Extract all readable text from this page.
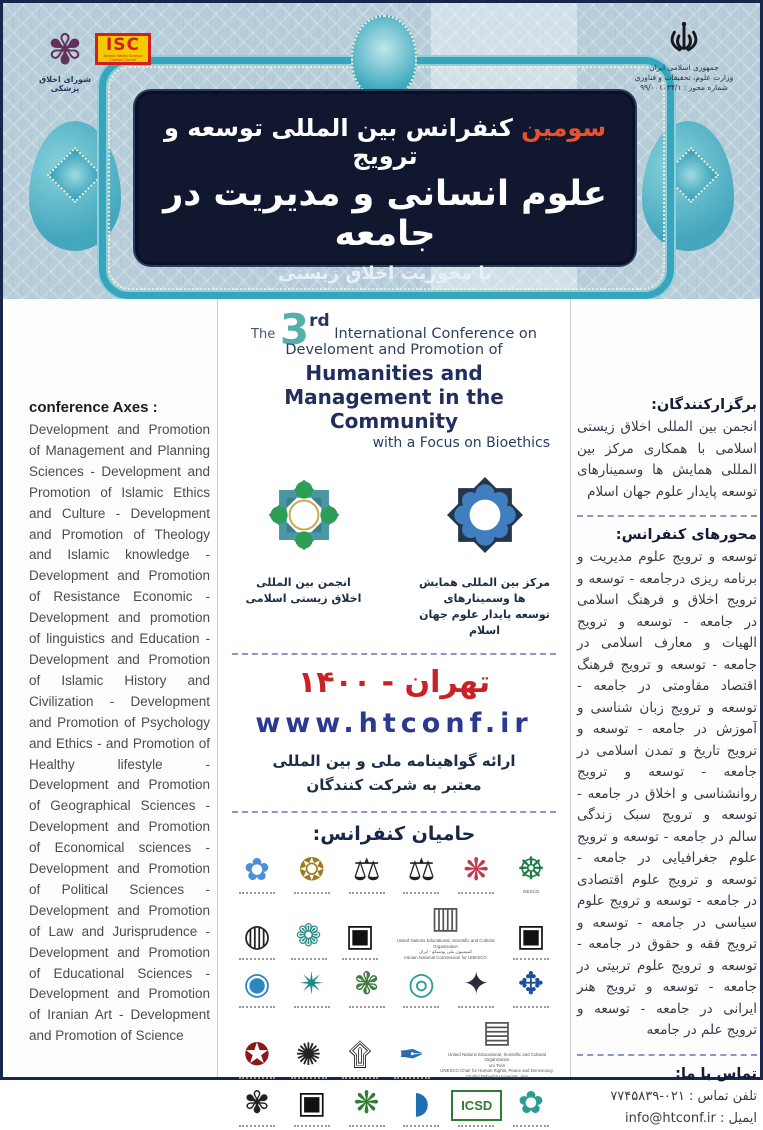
✾
شورای اخلاق پزشکی
ISC
Islamic World Science Citation Center
جمهوری اسلامی ایران
وزارت علوم، تحقیقات و فناوری
شماره مجوز : ۹۹/۰۰۱۰۳۴/۱
سومین کنفرانس بین المللی توسعه و ترویج
علوم انسانی و مدیریت در جامعه
با محوریت اخلاق زیستی
conference Axes :

Development and Promotion of Management and Planning Sciences - Development and Promotion of Islamic Ethics and Culture - Development and Promotion of Theology and Islamic knowledge - Development and Promotion of Resistance Economic - Development and promotion of linguistics and Education - Development and Promotion of Islamic History and Civilization - Development and Promotion of Psychology and Ethics - and Promotion of Healthy lifestyle - Development and Promotion of Geographical Sciences - Development and Promotion of Economical sciences - Development and Promotion of Political Sciences - Development and Promotion of Law and Jurisprudence - Development and Promotion of Educational Sciences - Development and Promotion of Iranian Art - Development and Promotion of Science

The 3rd International Conference on Develoment and Promotion of
Humanities and Management in the Community
with a Focus on Bioethics
انجمن بین المللی
اخلاق زیستی اسلامی
مرکز بین المللی همایش ها وسمینارهای
توسعه پایدار علوم جهان اسلام
تهران - ۱۴۰۰
www.htconf.ir
ارائه گواهینامه ملی و بین المللی معتبر به شرکت کنندگان
حامیان کنفرانس:
✿ ❂ ⚖ ⚖ ❋ ☸
ISESCO
◍ ❁ ▣	▥
United Nations Educational, Scientific and Cultural Organization
کمیسیون ملی یونسکو - ایران
Iranian National Commission for UNESCO
▣
◉ ✴ ❃ ◎ ✦ ✥
✪ ✺ ۩ ✒
▤
United Nations Educational, Scientific and Cultural Organization
uni Twin
UNESCO Chair for Human Rights, Peace and Democracy, Shahid Beheshti University, Iran
✾ ▣ ❋	◗	ICSD ✿
برگزارکنندگان:

انجمن بین المللی اخلاق زیستی اسلامی با همکاری مرکز بین المللی همایش ها وسمینارهای توسعه پایدار علوم جهان اسلام

محورهای کنفرانس:

توسعه و ترویج علوم مدیریت و برنامه ریزی درجامعه - توسعه و ترویج اخلاق و فرهنگ اسلامی در جامعه - توسعه و ترویج الهیات و معارف اسلامی در جامعه - توسعه و ترویج فرهنگ اقتصاد مقاومتی در جامعه - توسعه و ترویج زبان شناسی و آموزش در جامعه - توسعه و ترویج تاریخ و تمدن اسلامی در جامعه - توسعه و ترویج روانشناسی و اخلاق در جامعه - توسعه و ترویج سبک زندگی سالم در جامعه - توسعه و ترویج علوم جغرافیایی در جامعه - توسعه و ترویج علوم اقتصادی در جامعه - توسعه و ترویج علوم سیاسی در جامعه - توسعه و ترویج فقه و حقوق در جامعه - توسعه و ترویج علوم تربیتی در جامعه - توسعه و ترویج هنر ایرانی در جامعه - توسعه و ترویج علم در جامعه

تماس با ما:

تلفن تماس : ۰۲۱-۷۷۴۵۸۳۹

ایمیل : info@htconf.ir
